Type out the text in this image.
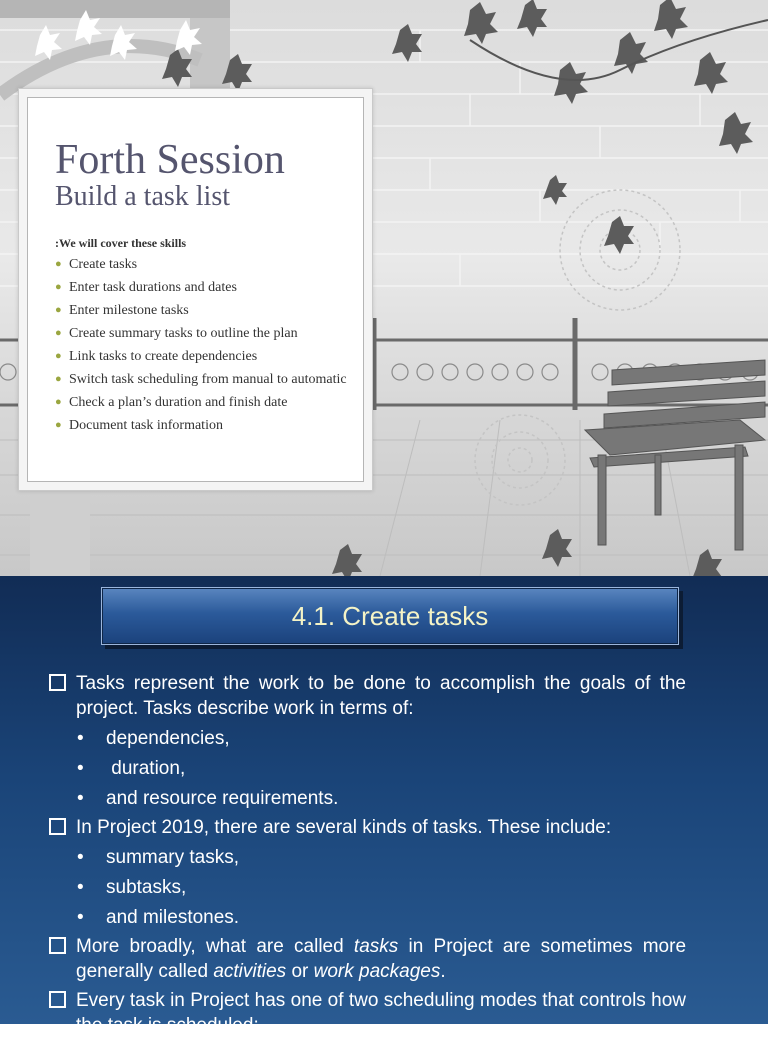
Forth Session
Build a task list
:We will cover these skills
● Create tasks
● Enter task durations and dates
● Enter milestone tasks
● Create summary tasks to outline the plan
● Link tasks to create dependencies
● Switch task scheduling from manual to automatic
● Check a plan’s duration and finish date
● Document task information
4.1. Create tasks
Tasks represent the work to be done to accomplish the goals of the project. Tasks describe work in terms of:
• dependencies,
• duration,
• and resource requirements.
In Project 2019, there are several kinds of tasks. These include:
• summary tasks,
• subtasks,
• and milestones.
More broadly, what are called tasks in Project are sometimes more generally called activities or work packages.
Every task in Project has one of two scheduling modes that controls how the task is scheduled:
